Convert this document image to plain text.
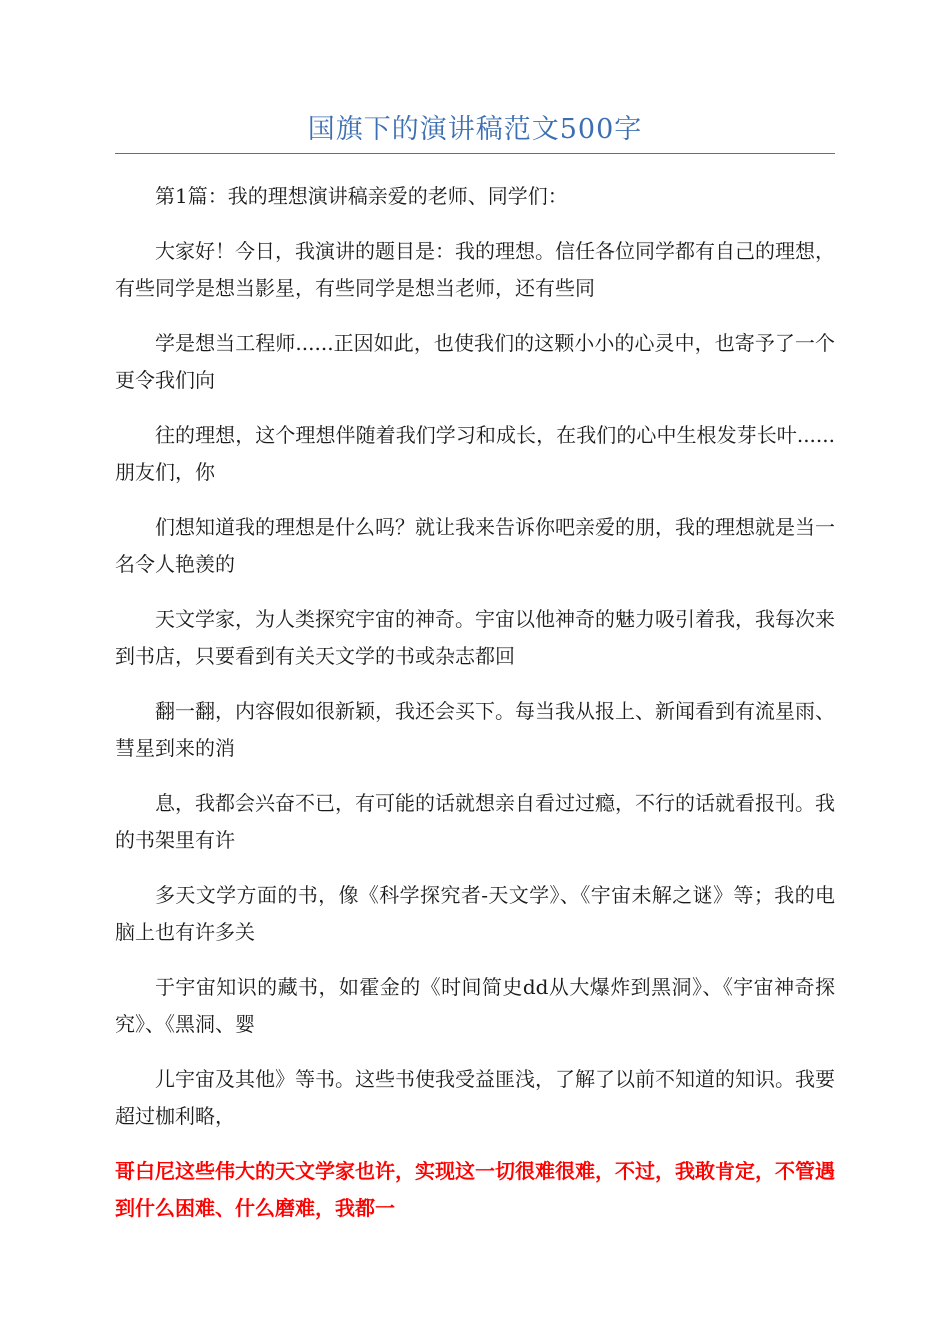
国旗下的演讲稿范文500字

第1篇：我的理想演讲稿亲爱的老师、同学们：

大家好！今日，我演讲的题目是：我的理想。信任各位同学都有自己的理想，有些同学是想当影星，有些同学是想当老师，还有些同

学是想当工程师......正因如此，也使我们的这颗小小的心灵中，也寄予了一个更令我们向

往的理想，这个理想伴随着我们学习和成长，在我们的心中生根发芽长叶......朋友们，你

们想知道我的理想是什么吗？就让我来告诉你吧亲爱的朋，我的理想就是当一名令人艳羡的

天文学家，为人类探究宇宙的神奇。宇宙以他神奇的魅力吸引着我，我每次来到书店，只要看到有关天文学的书或杂志都回

翻一翻，内容假如很新颖，我还会买下。每当我从报上、新闻看到有流星雨、彗星到来的消

息，我都会兴奋不已，有可能的话就想亲自看过过瘾，不行的话就看报刊。我的书架里有许

多天文学方面的书，像《科学探究者-天文学》、《宇宙未解之谜》等；我的电脑上也有许多关

于宇宙知识的藏书，如霍金的《时间简史dd从大爆炸到黑洞》、《宇宙神奇探究》、《黑洞、婴

儿宇宙及其他》等书。这些书使我受益匪浅，了解了以前不知道的知识。我要超过枷利略，

哥白尼这些伟大的天文学家也许，实现这一切很难很难，不过，我敢肯定，不管遇到什么困难、什么磨难，我都一
